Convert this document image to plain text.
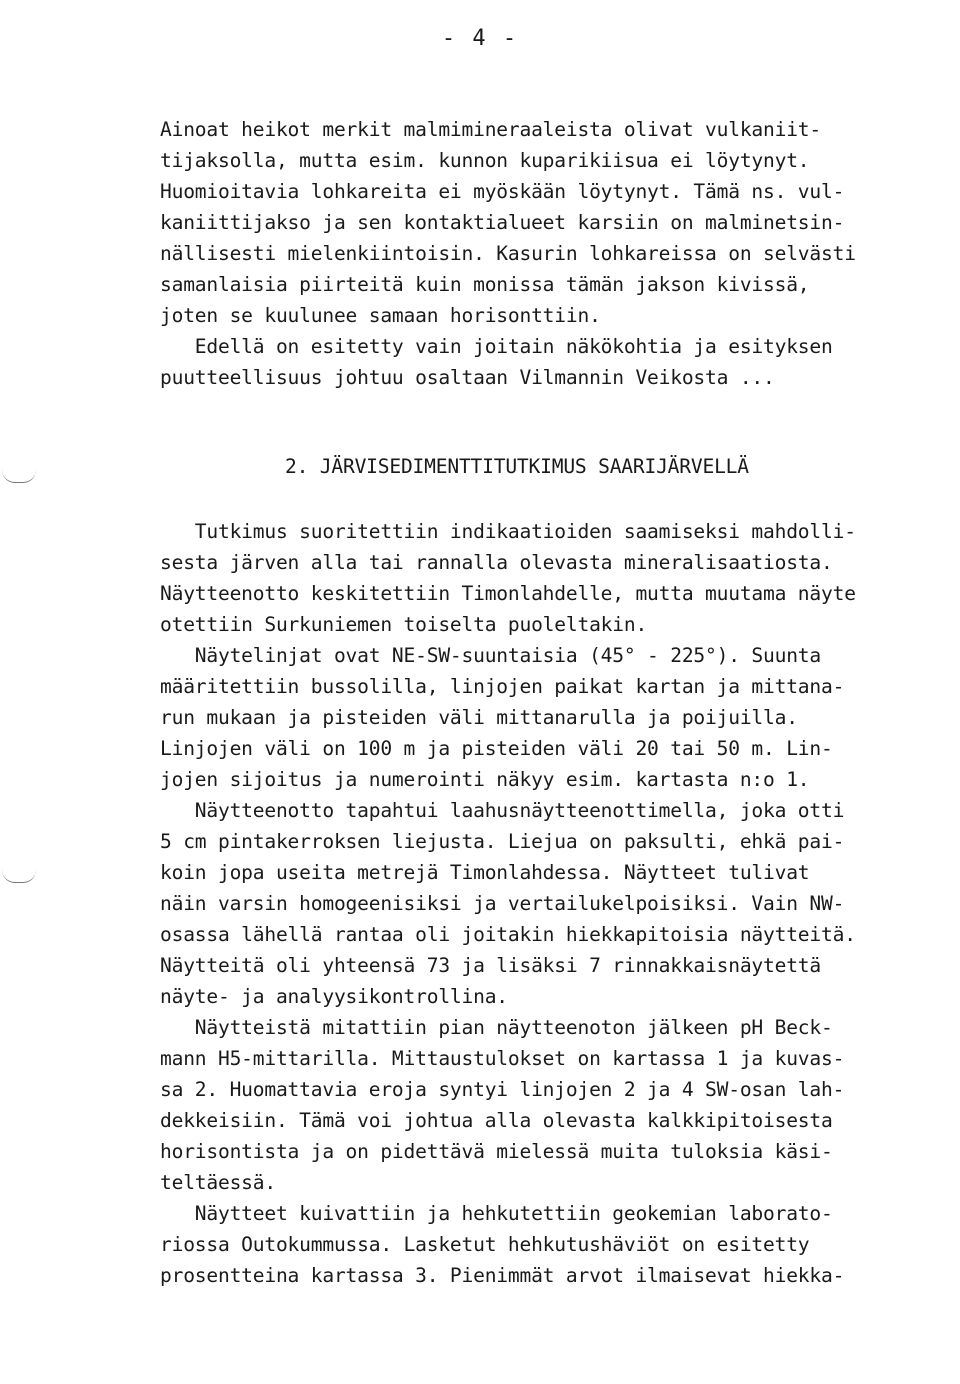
- 4 -
Ainoat heikot merkit malmimineraaleista olivat vulkaniit-
tijaksolla, mutta esim. kunnon kuparikiisua ei löytynyt.
Huomioitavia lohkareita ei myöskään löytynyt. Tämä ns. vul-
kaniittijakso ja sen kontaktialueet karsiin on malminetsin-
nällisesti mielenkiintoisin. Kasurin lohkareissa on selvästi
samanlaisia piirteitä kuin monissa tämän jakson kivissä,
joten se kuulunee samaan horisonttiin.
Edellä on esitetty vain joitain näkökohtia ja esityksen
puutteellisuus johtuu osaltaan Vilmannin Veikosta ...
2. JÄRVISEDIMENTTITUTKIMUS SAARIJÄRVELLÄ
Tutkimus suoritettiin indikaatioiden saamiseksi mahdolli-
sesta järven alla tai rannalla olevasta mineralisaatiosta.
Näytteenotto keskitettiin Timonlahdelle, mutta muutama näyte
otettiin Surkuniemen toiselta puoleltakin.
Näytelinjat ovat NE-SW-suuntaisia (45° - 225°). Suunta
määritettiin bussolilla, linjojen paikat kartan ja mittana-
run mukaan ja pisteiden väli mittanarulla ja poijuilla.
Linjojen väli on 100 m ja pisteiden väli 20 tai 50 m. Lin-
jojen sijoitus ja numerointi näkyy esim. kartasta n:o 1.
Näytteenotto tapahtui laahusnäytteenottimella, joka otti
5 cm pintakerroksen liejusta. Liejua on paksulti, ehkä pai-
koin jopa useita metrejä Timonlahdessa. Näytteet tulivat
näin varsin homogeenisiksi ja vertailukelpoisiksi. Vain NW-
osassa lähellä rantaa oli joitakin hiekkapitoisia näytteitä.
Näytteitä oli yhteensä 73 ja lisäksi 7 rinnakkaisnäytettä
näyte- ja analyysikontrollina.
Näytteistä mitattiin pian näytteenoton jälkeen pH Beck-
mann H5-mittarilla. Mittaustulokset on kartassa 1 ja kuvas-
sa 2. Huomattavia eroja syntyi linjojen 2 ja 4 SW-osan lah-
dekkeisiin. Tämä voi johtua alla olevasta kalkkipitoisesta
horisontista ja on pidettävä mielessä muita tuloksia käsi-
teltäessä.
Näytteet kuivattiin ja hehkutettiin geokemian laborato-
riossa Outokummussa. Lasketut hehkutushäviöt on esitetty
prosentteina kartassa 3. Pienimmät arvot ilmaisevat hiekka-
